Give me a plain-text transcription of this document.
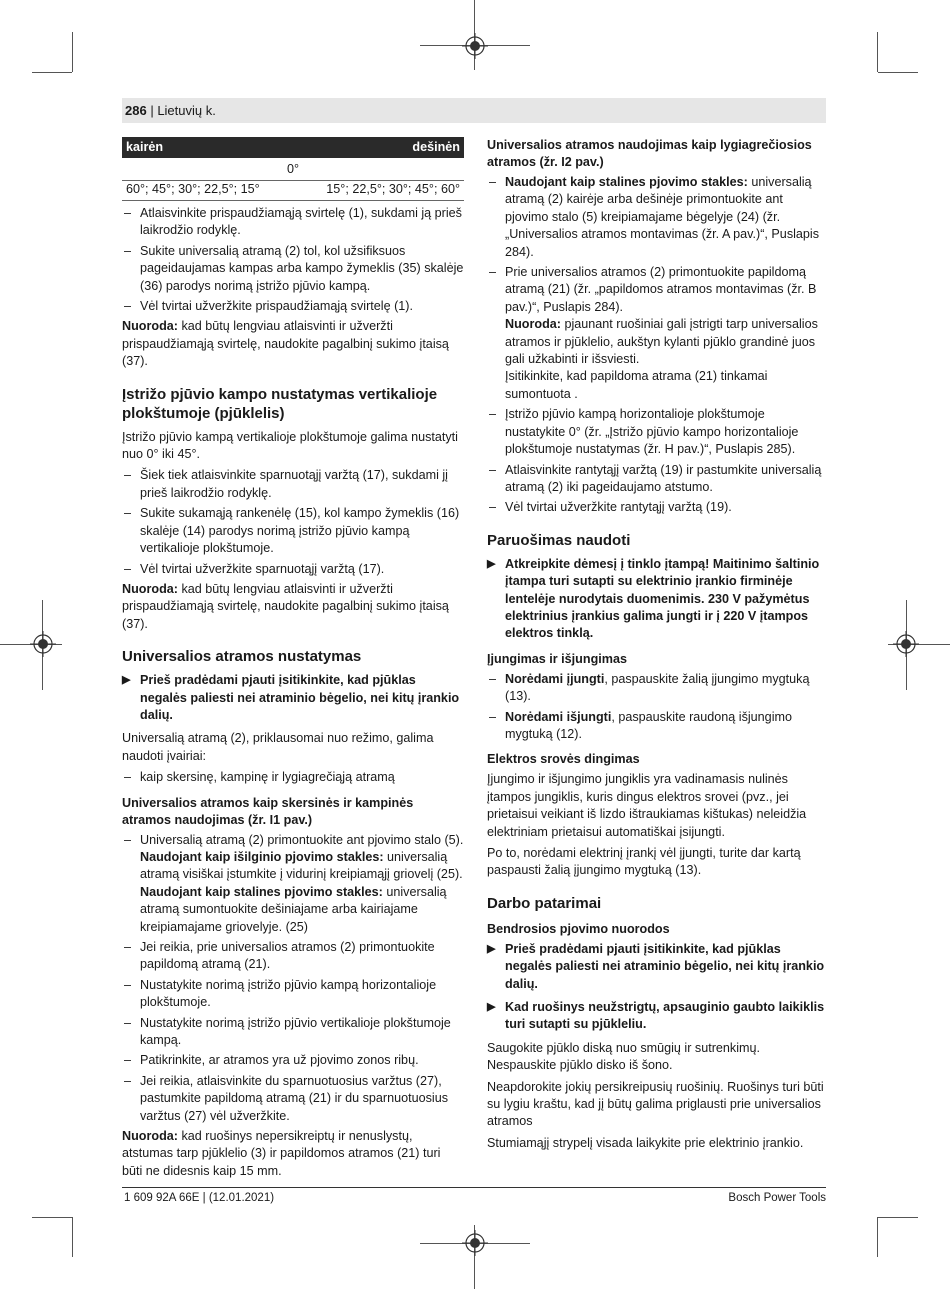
286 | Lietuvių k.
kairėn	dešinėn
0°
60°; 45°; 30°; 22,5°; 15°	15°; 22,5°; 30°; 45°; 60°
– Atlaisvinkite prispaudžiamąją svirtelę (1), sukdami ją prieš laikrodžio rodyklę.
– Sukite universalią atramą (2) tol, kol užsifiksuos pageidaujamas kampas arba kampo žymeklis (35) skalėje (36) parodys norimą įstrižo pjūvio kampą.
– Vėl tvirtai užveržkite prispaudžiamąją svirtelę (1).

Nuoroda: kad būtų lengviau atlaisvinti ir užveržti prispaudžiamąją svirtelę, naudokite pagalbinį sukimo įtaisą (37).

Įstrižo pjūvio kampo nustatymas vertikalioje plokštumoje (pjūklelis)

Įstrižo pjūvio kampą vertikalioje plokštumoje galima nustatyti nuo 0° iki 45°.

– Šiek tiek atlaisvinkite sparnuotąjį varžtą (17), sukdami jį prieš laikrodžio rodyklę.
– Sukite sukamąją rankenėlę (15), kol kampo žymeklis (16) skalėje (14) parodys norimą įstrižo pjūvio kampą vertikalioje plokštumoje.
– Vėl tvirtai užveržkite sparnuotąjį varžtą (17).

Nuoroda: kad būtų lengviau atlaisvinti ir užveržti prispaudžiamąją svirtelę, naudokite pagalbinį sukimo įtaisą (37).

Universalios atramos nustatymas
▶ Prieš pradėdami pjauti įsitikinkite, kad pjūklas negalės paliesti nei atraminio bėgelio, nei kitų įrankio dalių.

Universalią atramą (2), priklausomai nuo režimo, galima naudoti įvairiai:

– kaip skersinę, kampinę ir lygiagrečiąją atramą
Universalios atramos kaip skersinės ir kampinės atramos naudojimas (žr. I1 pav.)
– Universalią atramą (2) primontuokite ant pjovimo stalo (5).
Naudojant kaip išilginio pjovimo stakles: universalią atramą visiškai įstumkite į vidurinį kreipiamąjį griovelį (25).
Naudojant kaip stalines pjovimo stakles: universalią atramą sumontuokite dešiniajame arba kairiajame kreipiamajame griovelyje. (25)
– Jei reikia, prie universalios atramos (2) primontuokite papildomą atramą (21).
– Nustatykite norimą įstrižo pjūvio kampą horizontalioje plokštumoje.
– Nustatykite norimą įstrižo pjūvio vertikalioje plokštumoje kampą.
– Patikrinkite, ar atramos yra už pjovimo zonos ribų.
– Jei reikia, atlaisvinkite du sparnuotuosius varžtus (27), pastumkite papildomą atramą (21) ir du sparnuotuosius varžtus (27) vėl užveržkite.

Nuoroda: kad ruošinys nepersikreiptų ir nenuslystų, atstumas tarp pjūklelio (3) ir papildomos atramos (21) turi būti ne didesnis kaip 15 mm.

Universalios atramos naudojimas kaip lygiagrečiosios atramos (žr. I2 pav.)
– Naudojant kaip stalines pjovimo stakles: universalią atramą (2) kairėje arba dešinėje primontuokite ant pjovimo stalo (5) kreipiamajame bėgelyje (24) (žr. „Universalios atramos montavimas (žr. A pav.)“, Puslapis 284).
– Prie universalios atramos (2) primontuokite papildomą atramą (21) (žr. „papildomos atramos montavimas (žr. B pav.)“, Puslapis 284).
Nuoroda: pjaunant ruošiniai gali įstrigti tarp universalios atramos ir pjūklelio, aukštyn kylanti pjūklo grandinė juos gali užkabinti ir išsviesti.
Įsitikinkite, kad papildoma atrama (21) tinkamai sumontuota .
– Įstrižo pjūvio kampą horizontalioje plokštumoje nustatykite 0° (žr. „Įstrižo pjūvio kampo horizontalioje plokštumoje nustatymas (žr. H pav.)“, Puslapis 285).
– Atlaisvinkite rantytąjį varžtą (19) ir pastumkite universalią atramą (2) iki pageidaujamo atstumo.
– Vėl tvirtai užveržkite rantytąjį varžtą (19).
Paruošimas naudoti
▶ Atkreipkite dėmesį į tinklo įtampą! Maitinimo šaltinio įtampa turi sutapti su elektrinio įrankio firminėje lentelėje nurodytais duomenimis. 230 V pažymėtus elektrinius įrankius galima jungti ir į 220 V įtampos elektros tinklą.
Įjungimas ir išjungimas
– Norėdami įjungti, paspauskite žalią įjungimo mygtuką (13).
– Norėdami išjungti, paspauskite raudoną išjungimo mygtuką (12).
Elektros srovės dingimas

Įjungimo ir išjungimo jungiklis yra vadinamasis nulinės įtampos jungiklis, kuris dingus elektros srovei (pvz., jei prietaisui veikiant iš lizdo ištraukiamas kištukas) neleidžia elektriniam prietaisui automatiškai įsijungti.

Po to, norėdami elektrinį įrankį vėl įjungti, turite dar kartą paspausti žalią įjungimo mygtuką (13).

Darbo patarimai
Bendrosios pjovimo nuorodos
▶ Prieš pradėdami pjauti įsitikinkite, kad pjūklas negalės paliesti nei atraminio bėgelio, nei kitų įrankio dalių.
▶ Kad ruošinys neužstrigtų, apsauginio gaubto laikiklis turi sutapti su pjūkleliu.

Saugokite pjūklo diską nuo smūgių ir sutrenkimų. Nespauskite pjūklo disko iš šono.

Neapdorokite jokių persikreipusių ruošinių. Ruošinys turi būti su lygiu kraštu, kad jį būtų galima priglausti prie universalios atramos

Stumiamąjį strypelį visada laikykite prie elektrinio įrankio.

1 609 92A 66E | (12.01.2021)	Bosch Power Tools
